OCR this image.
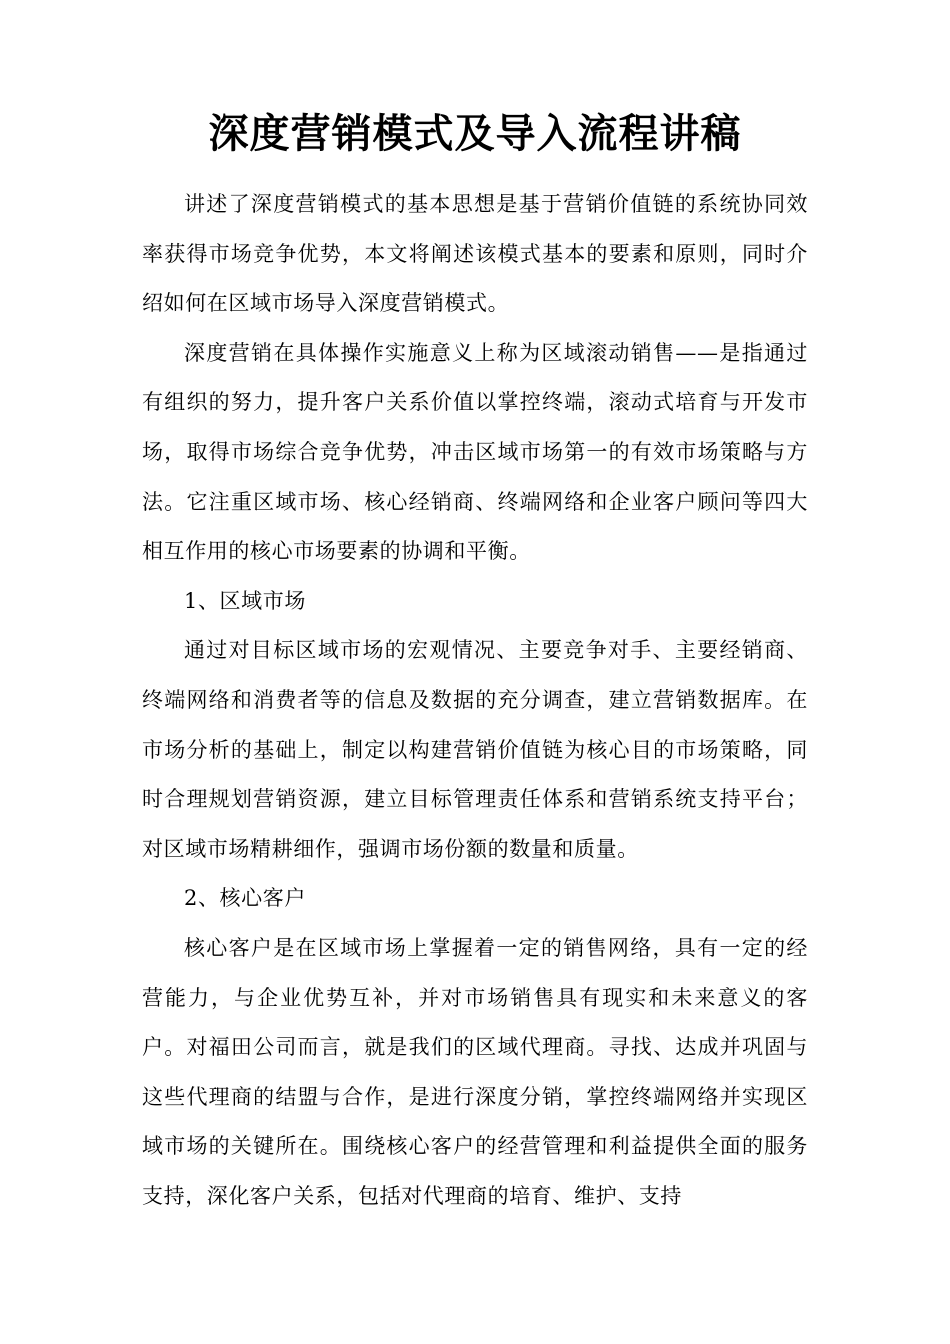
深度营销模式及导入流程讲稿

讲述了深度营销模式的基本思想是基于营销价值链的系统协同效率获得市场竞争优势，本文将阐述该模式基本的要素和原则，同时介绍如何在区域市场导入深度营销模式。

深度营销在具体操作实施意义上称为区域滚动销售——是指通过有组织的努力，提升客户关系价值以掌控终端，滚动式培育与开发市场，取得市场综合竞争优势，冲击区域市场第一的有效市场策略与方法。它注重区域市场、核心经销商、终端网络和企业客户顾问等四大相互作用的核心市场要素的协调和平衡。

1、区域市场

通过对目标区域市场的宏观情况、主要竞争对手、主要经销商、终端网络和消费者等的信息及数据的充分调查，建立营销数据库。在市场分析的基础上，制定以构建营销价值链为核心目的市场策略，同时合理规划营销资源，建立目标管理责任体系和营销系统支持平台；对区域市场精耕细作，强调市场份额的数量和质量。

2、核心客户

核心客户是在区域市场上掌握着一定的销售网络，具有一定的经营能力，与企业优势互补，并对市场销售具有现实和未来意义的客户。对福田公司而言，就是我们的区域代理商。寻找、达成并巩固与这些代理商的结盟与合作，是进行深度分销，掌控终端网络并实现区域市场的关键所在。围绕核心客户的经营管理和利益提供全面的服务支持，深化客户关系，包括对代理商的培育、维护、支持
